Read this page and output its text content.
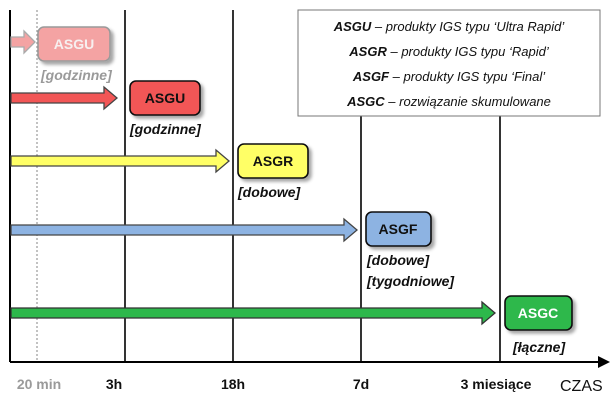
20 min	3h	18h	7d	3 miesiące CZAS
ASGU
[godzinne]
ASGU
[godzinne]
ASGR
[dobowe]
ASGF
[dobowe]
[tygodniowe]
ASGC
[łączne]
ASGU – produkty IGS typu ‘Ultra Rapid’
ASGR – produkty IGS typu ‘Rapid’
ASGF – produkty IGS typu ‘Final’
ASGC – rozwiązanie skumulowane
